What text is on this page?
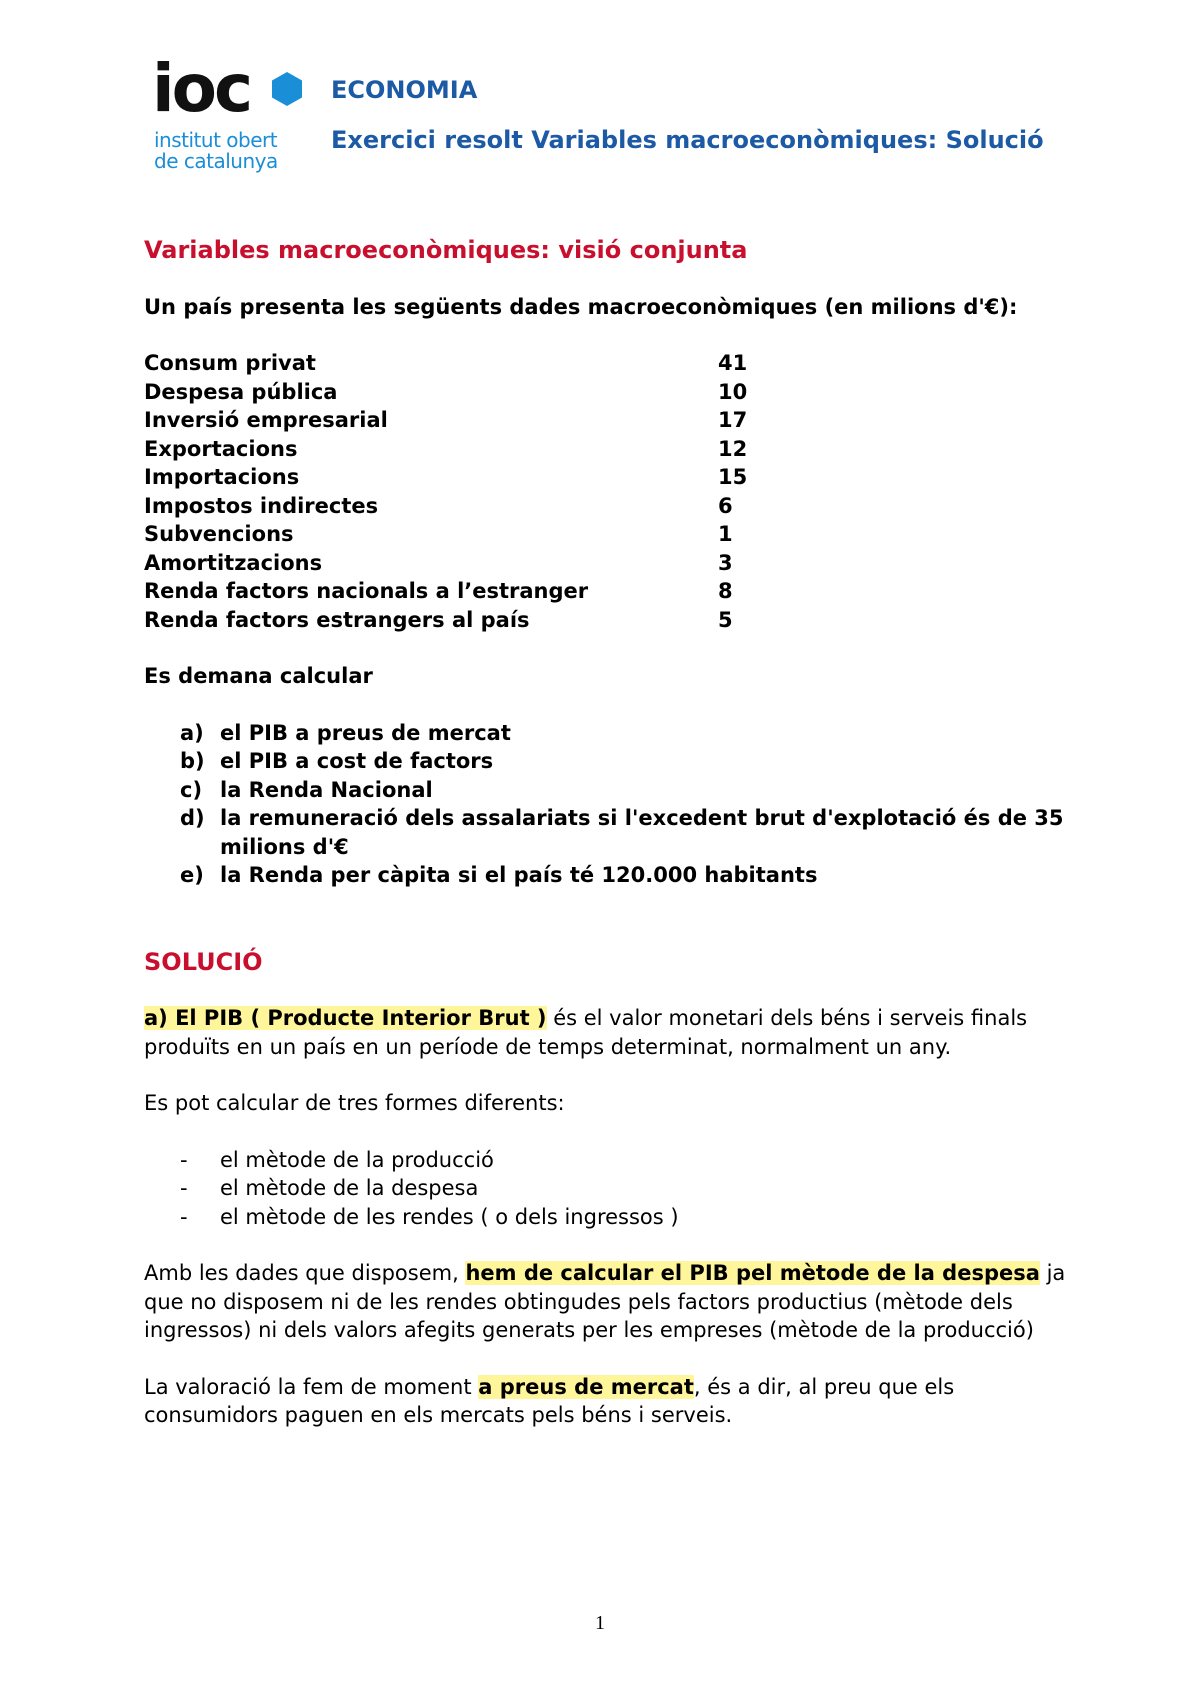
ioc
institut obert
de catalunya
ECONOMIA
Exercici resolt Variables macroeconòmiques: Solució

Variables macroeconòmiques: visió conjunta

Un país presenta les següents dades macroeconòmiques (en milions d'€):

Consum privat	41
Despesa pública	10
Inversió empresarial	17
Exportacions	12
Importacions	15
Impostos indirectes	6
Subvencions	1
Amortitzacions	3
Renda factors nacionals a l’estranger	8
Renda factors estrangers al país	5

Es demana calcular

a) el PIB a preus de mercat
b) el PIB a cost de factors
c) la Renda Nacional
d) la remuneració dels assalariats si l'excedent brut d'explotació és de 35 milions d'€
e) la Renda per càpita si el país té 120.000 habitants

SOLUCIÓ

a) El PIB ( Producte Interior Brut ) és el valor monetari dels béns i serveis finals

produïts en un país en un període de temps determinat, normalment un any.

Es pot calcular de tres formes diferents:

-	el mètode de la producció
-	el mètode de la despesa
-	el mètode de les rendes ( o dels ingressos )

Amb les dades que disposem, hem de calcular el PIB pel mètode de la despesa ja

que no disposem ni de les rendes obtingudes pels factors productius (mètode dels

ingressos) ni dels valors afegits generats per les empreses (mètode de la producció)

La valoració la fem de moment a preus de mercat, és a dir, al preu que els

consumidors paguen en els mercats pels béns i serveis.

1
